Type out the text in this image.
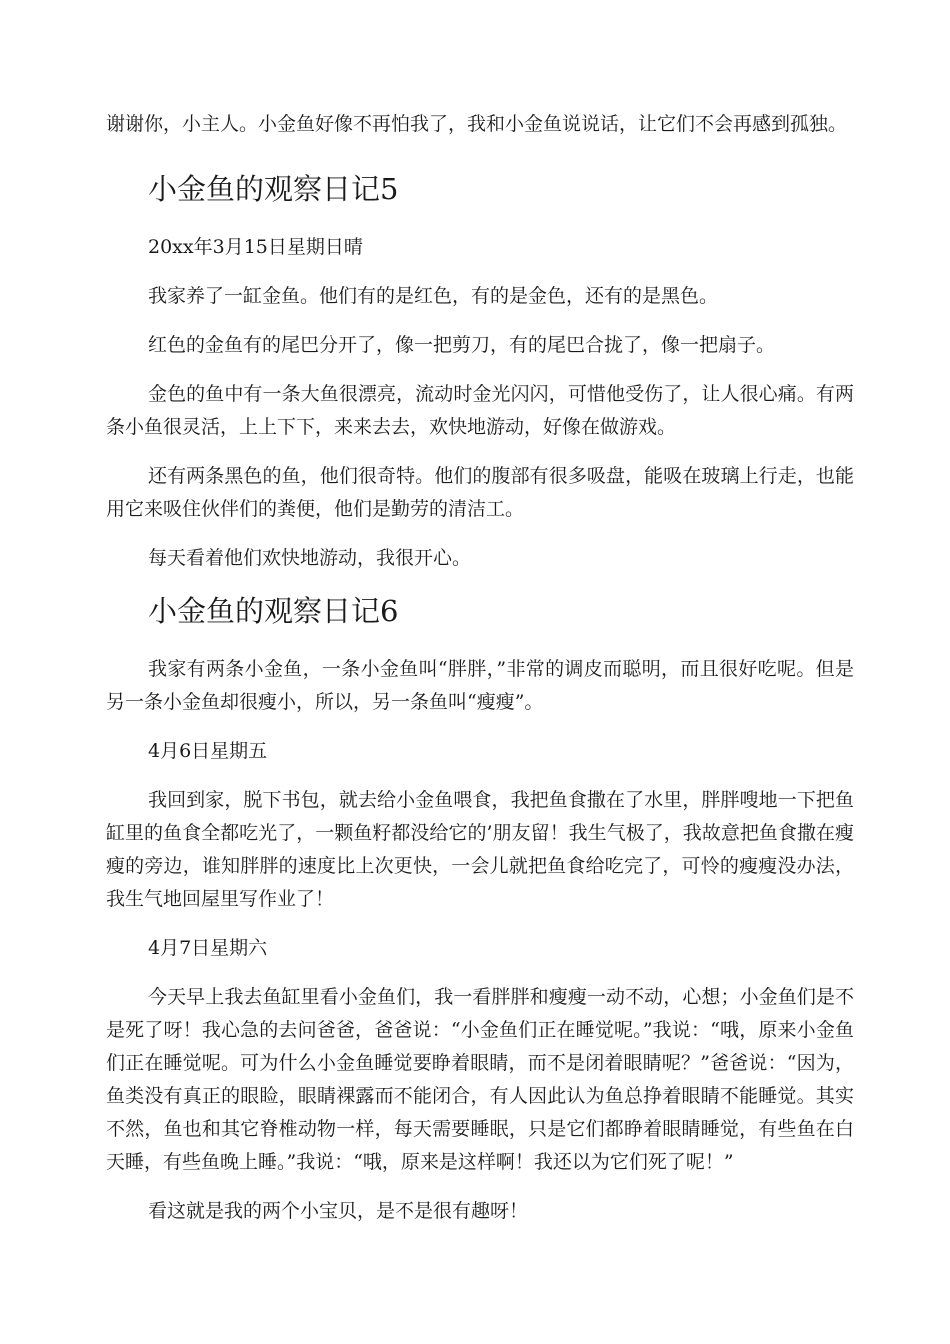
谢谢你，小主人。小金鱼好像不再怕我了，我和小金鱼说说话，让它们不会再感到孤独。

小金鱼的观察日记5

20xx年3月15日星期日晴

我家养了一缸金鱼。他们有的是红色，有的是金色，还有的是黑色。

红色的金鱼有的尾巴分开了，像一把剪刀，有的尾巴合拢了，像一把扇子。

金色的鱼中有一条大鱼很漂亮，流动时金光闪闪，可惜他受伤了，让人很心痛。有两条小鱼很灵活，上上下下，来来去去，欢快地游动，好像在做游戏。

还有两条黑色的鱼，他们很奇特。他们的腹部有很多吸盘，能吸在玻璃上行走，也能用它来吸住伙伴们的粪便，他们是勤劳的清洁工。

每天看着他们欢快地游动，我很开心。

小金鱼的观察日记6

我家有两条小金鱼，一条小金鱼叫“胖胖，”非常的调皮而聪明，而且很好吃呢。但是另一条小金鱼却很瘦小，所以，另一条鱼叫“瘦瘦”。

4月6日星期五

我回到家，脱下书包，就去给小金鱼喂食，我把鱼食撒在了水里，胖胖嗖地一下把鱼缸里的鱼食全都吃光了，一颗鱼籽都没给它的’朋友留！我生气极了，我故意把鱼食撒在瘦瘦的旁边，谁知胖胖的速度比上次更快，一会儿就把鱼食给吃完了，可怜的瘦瘦没办法，我生气地回屋里写作业了！

4月7日星期六

今天早上我去鱼缸里看小金鱼们，我一看胖胖和瘦瘦一动不动，心想；小金鱼们是不是死了呀！我心急的去问爸爸，爸爸说：“小金鱼们正在睡觉呢。”我说：“哦，原来小金鱼们正在睡觉呢。可为什么小金鱼睡觉要睁着眼睛，而不是闭着眼睛呢？”爸爸说：“因为，鱼类没有真正的眼睑，眼睛裸露而不能闭合，有人因此认为鱼总挣着眼睛不能睡觉。其实不然，鱼也和其它脊椎动物一样，每天需要睡眠，只是它们都睁着眼睛睡觉，有些鱼在白天睡，有些鱼晚上睡。”我说：“哦，原来是这样啊！我还以为它们死了呢！”

看这就是我的两个小宝贝，是不是很有趣呀！
